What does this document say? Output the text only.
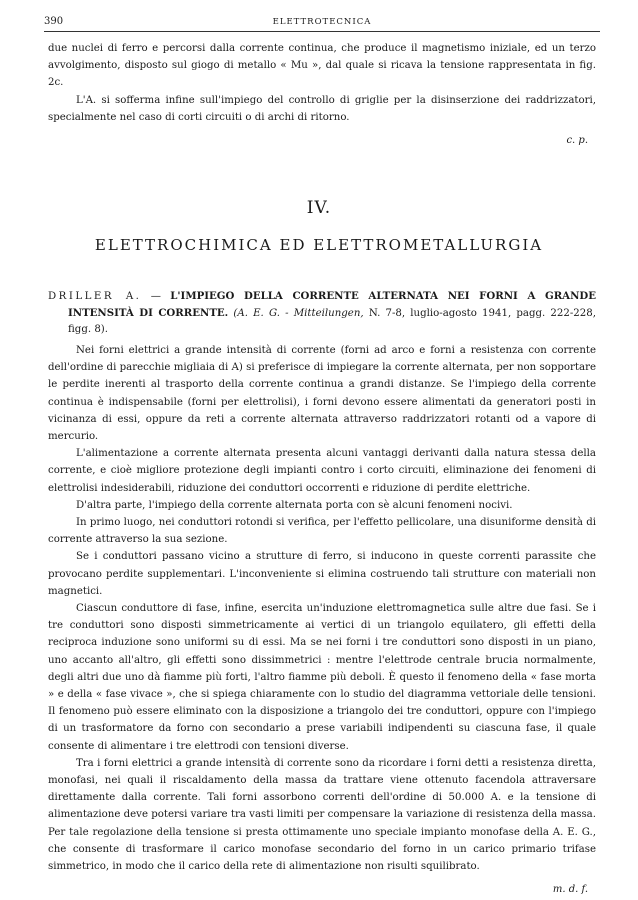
390	ELETTROTECNICA

due nuclei di ferro e percorsi dalla corrente continua, che produce il magnetismo iniziale, ed un terzo avvolgimento, disposto sul giogo di metallo « Mu », dal quale si ricava la tensione rappresentata in fig. 2c.

L'A. si sofferma infine sull'impiego del controllo di griglie per la disinserzione dei raddrizzatori, specialmente nel caso di corti circuiti o di archi di ritorno.

c. p.
IV.
ELETTROCHIMICA ED ELETTROMETALLURGIA
DRILLER A. — L'IMPIEGO DELLA CORRENTE ALTERNATA NEI FORNI A GRANDE INTENSITÀ DI CORRENTE. (A. E. G. - Mitteilungen, N. 7-8, luglio-agosto 1941, pagg. 222-228, figg. 8).

Nei forni elettrici a grande intensità di corrente (forni ad arco e forni a resistenza con corrente dell'ordine di parecchie migliaia di A) si preferisce di impiegare la corrente alternata, per non sopportare le perdite inerenti al trasporto della corrente continua a grandi distanze. Se l'impiego della corrente continua è indispensabile (forni per elettrolisi), i forni devono essere alimentati da generatori posti in vicinanza di essi, oppure da reti a corrente alternata attraverso raddrizzatori rotanti od a vapore di mercurio.

L'alimentazione a corrente alternata presenta alcuni vantaggi derivanti dalla natura stessa della corrente, e cioè migliore protezione degli impianti contro i corto circuiti, eliminazione dei fenomeni di elettrolisi indesiderabili, riduzione dei conduttori occorrenti e riduzione di perdite elettriche.

D'altra parte, l'impiego della corrente alternata porta con sè alcuni fenomeni nocivi.

In primo luogo, nei conduttori rotondi si verifica, per l'effetto pellicolare, una disuniforme densità di corrente attraverso la sua sezione.

Se i conduttori passano vicino a strutture di ferro, si inducono in queste correnti parassite che provocano perdite supplementari. L'inconveniente si elimina costruendo tali strutture con materiali non magnetici.

Ciascun conduttore di fase, infine, esercita un'induzione elettromagnetica sulle altre due fasi. Se i tre conduttori sono disposti simmetricamente ai vertici di un triangolo equilatero, gli effetti della reciproca induzione sono uniformi su di essi. Ma se nei forni i tre conduttori sono disposti in un piano, uno accanto all'altro, gli effetti sono dissimmetrici : mentre l'elettrode centrale brucia normalmente, degli altri due uno dà fiamme più forti, l'altro fiamme più deboli. È questo il fenomeno della « fase morta » e della « fase vivace », che si spiega chiaramente con lo studio del diagramma vettoriale delle tensioni. Il fenomeno può essere eliminato con la disposizione a triangolo dei tre conduttori, oppure con l'impiego di un trasformatore da forno con secondario a prese variabili indipendenti su ciascuna fase, il quale consente di alimentare i tre elettrodi con tensioni diverse.

Tra i forni elettrici a grande intensità di corrente sono da ricordare i forni detti a resistenza diretta, monofasi, nei quali il riscaldamento della massa da trattare viene ottenuto facendola attraversare direttamente dalla corrente. Tali forni assorbono correnti dell'ordine di 50.000 A. e la tensione di alimentazione deve potersi variare tra vasti limiti per compensare la variazione di resistenza della massa. Per tale regolazione della tensione si presta ottimamente uno speciale impianto monofase della A. E. G., che consente di trasformare il carico monofase secondario del forno in un carico primario trifase simmetrico, in modo che il carico della rete di alimentazione non risulti squilibrato.

m. d. f.
